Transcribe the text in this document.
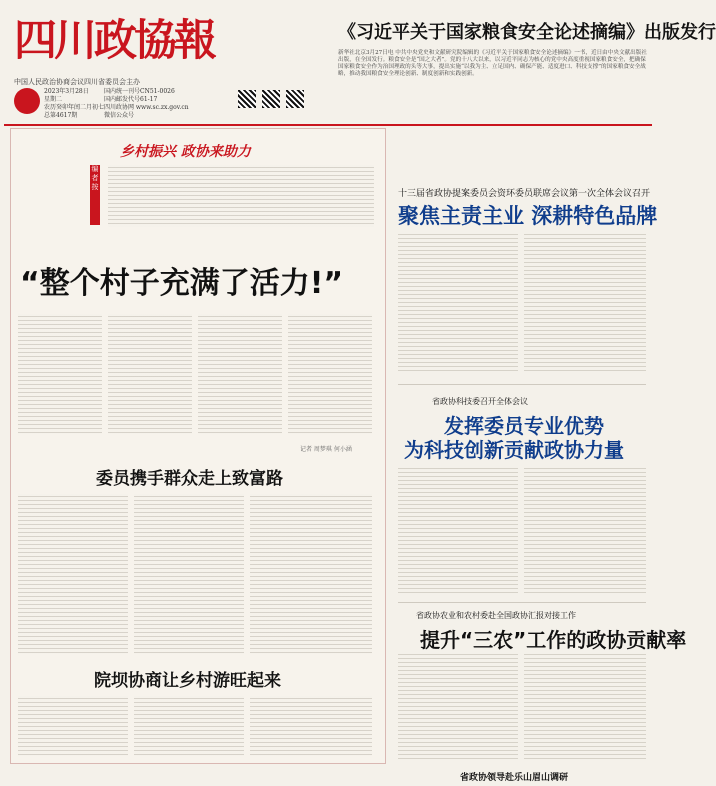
四川政協報
中国人民政治协商会议四川省委员会主办
2023年3月28日
星期二
农历癸卯年闰二月初七
总第4617期
国内统一刊号CN51-0026
国内邮发代号61-17
四川政协网 www.sc.zx.gov.cn
微信公众号
《习近平关于国家粮食安全论述摘编》出版发行
新华社北京3月27日电 中共中央党史和文献研究院编辑的《习近平关于国家粮食安全论述摘编》一书，近日由中央文献出版社出版，在全国发行。粮食安全是“国之大者”。党的十八大以来，以习近平同志为核心的党中央高度重视国家粮食安全，把确保国家粮食安全作为治国理政的头等大事，提出实施“以我为主、立足国内、确保产能、适度进口、科技支撑”的国家粮食安全战略，推动我国粮食安全理论创新、制度创新和实践创新。
乡村振兴 政协来助力
编者按
“整个村子充满了活力!”
记者 周梦琪 何小涵
委员携手群众走上致富路
院坝协商让乡村游旺起来
十三届省政协提案委员会资环委员联席会议第一次全体会议召开
聚焦主责主业 深耕特色品牌
省政协科技委召开全体会议
发挥委员专业优势
为科技创新贡献政协力量
省政协农业和农村委赴全国政协汇报对接工作
提升“三农”工作的政协贡献率
省政协领导赴乐山眉山调研
